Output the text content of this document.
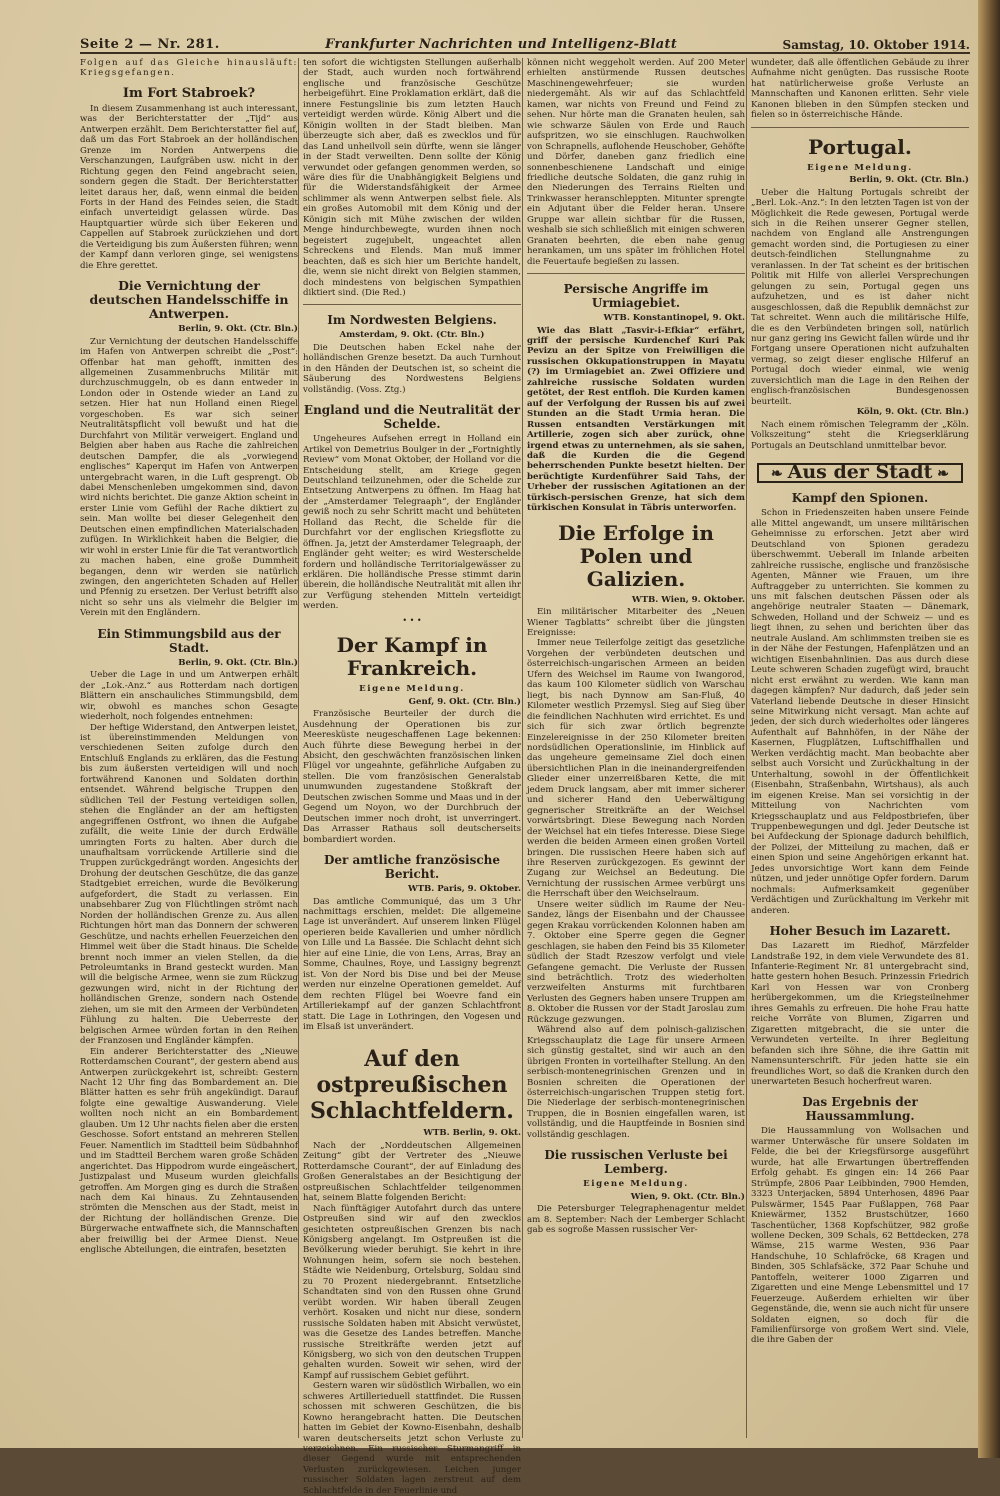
Seite 2 — Nr. 281.	Frankfurter Nachrichten und Intelligenz-Blatt	Samstag, 10. Oktober 1914.

Folgen auf das Gleiche hinausläuft: Kriegsgefangen.

Im Fort Stabroek?

In diesem Zusammenhang ist auch interessant, was der Berichterstatter der „Tijd“ aus Antwerpen erzählt. Dem Berichterstatter fiel auf, daß um das Fort Stabroek an der holländischen Grenze im Norden Antwerpens die Verschanzungen, Laufgräben usw. nicht in der Richtung gegen den Feind angebracht seien, sondern gegen die Stadt. Der Berichterstatter leitet daraus her, daß, wenn einmal die beiden Forts in der Hand des Feindes seien, die Stadt einfach unverteidigt gelassen würde. Das Hauptquartier würde sich über Eekeren und Cappellen auf Stabroek zurückziehen und dort die Verteidigung bis zum Äußersten führen; wenn der Kampf dann verloren ginge, sei wenigstens die Ehre gerettet.

Die Vernichtung der deutschen Handelsschiffe in Antwerpen.
Berlin, 9. Okt. (Ctr. Bln.)

Zur Vernichtung der deutschen Handelsschiffe im Hafen von Antwerpen schreibt die „Post“: Offenbar hat man gehofft, inmitten des allgemeinen Zusammenbruchs Militär mit durchzuschmuggeln, ob es dann entweder in London oder in Ostende wieder an Land zu setzen. Hier hat nun Holland einen Riegel vorgeschoben. Es war sich seiner Neutralitätspflicht voll bewußt und hat die Durchfahrt von Militär verweigert. England und Belgien aber haben aus Rache die zahlreichen deutschen Dampfer, die als „vorwiegend englisches“ Kaperqut im Hafen von Antwerpen untergebracht waren, in die Luft gesprengt. Ob dabei Menschenleben umgekommen sind, davon wird nichts berichtet. Die ganze Aktion scheint in erster Linie vom Gefühl der Rache diktiert zu sein. Man wollte bei dieser Gelegenheit den Deutschen einen empfindlichen Materialschaden zufügen. In Wirklichkeit haben die Belgier, die wir wohl in erster Linie für die Tat verantwortlich zu machen haben, eine große Dummheit begangen, denn wir werden sie natürlich zwingen, den angerichteten Schaden auf Heller und Pfennig zu ersetzen. Der Verlust betrifft also nicht so sehr uns als vielmehr die Belgier im Verein mit den Engländern.

Ein Stimmungsbild aus der Stadt.
Berlin, 9. Okt. (Ctr. Bln.)

Ueber die Lage in und um Antwerpen erhält der „Lok.-Anz.“ aus Rotterdam nach dortigen Blättern ein anschauliches Stimmungsbild, dem wir, obwohl es manches schon Gesagte wiederholt, noch folgendes entnehmen:

Der heftige Widerstand, den Antwerpen leistet, ist übereinstimmenden Meldungen von verschiedenen Seiten zufolge durch den Entschluß Englands zu erklären, das die Festung bis zum äußersten verteidigen will und noch fortwährend Kanonen und Soldaten dorthin entsendet. Während belgische Truppen den südlichen Teil der Festung verteidigen sollen, stehen die Engländer an der am heftigsten angegriffenen Ostfront, wo ihnen die Aufgabe zufällt, die weite Linie der durch Erdwälle umringten Forts zu halten. Aber durch die unaufhaltsam vorrückende Artillerie sind die Truppen zurückgedrängt worden. Angesichts der Drohung der deutschen Geschütze, die das ganze Stadtgebiet erreichen, wurde die Bevölkerung aufgefordert, die Stadt zu verlassen. Ein unabsehbarer Zug von Flüchtlingen strömt nach Norden der holländischen Grenze zu. Aus allen Richtungen hört man das Donnern der schweren Geschütze, und nachts erhellen Feuerzeichen den Himmel weit über die Stadt hinaus. Die Schelde brennt noch immer an vielen Stellen, da die Petroleumtanks in Brand gesteckt wurden. Man will die belgische Armee, wenn sie zum Rückzug gezwungen wird, nicht in der Richtung der holländischen Grenze, sondern nach Ostende ziehen, um sie mit den Armeen der Verbündeten Fühlung zu halten. Die Ueberreste der belgischen Armee würden fortan in den Reihen der Franzosen und Engländer kämpfen.

Ein anderer Berichterstatter des „Nieuwe Rotterdamschen Courant“, der gestern abend aus Antwerpen zurückgekehrt ist, schreibt: Gestern Nacht 12 Uhr fing das Bombardement an. Die Blätter hatten es sehr früh angekündigt. Darauf folgte eine gewaltige Auswanderung. Viele wollten noch nicht an ein Bombardement glauben. Um 12 Uhr nachts fielen aber die ersten Geschosse. Sofort entstand an mehreren Stellen Feuer. Namentlich im Stadtteil beim Südbahnhof und im Stadtteil Berchem waren große Schäden angerichtet. Das Hippodrom wurde eingeäschert, Justizpalast und Museum wurden gleichfalls getroffen. Am Morgen ging es durch die Straßen nach dem Kai hinaus. Zu Zehntausenden strömten die Menschen aus der Stadt, meist in der Richtung der holländischen Grenze. Die Bürgerwache entwaffnete sich, die Mannschaften aber freiwillig bei der Armee Dienst. Neue englische Abteilungen, die eintrafen, besetzten

ten sofort die wichtigsten Stellungen außerhalb der Stadt, auch wurden noch fortwährend englische und französische Geschütze herbeigeführt. Eine Proklamation erklärt, daß die innere Festungslinie bis zum letzten Hauch verteidigt werden würde. König Albert und die Königin wollten in der Stadt bleiben. Man überzeugte sich aber, daß es zwecklos und für das Land unheilvoll sein dürfte, wenn sie länger in der Stadt verweilten. Denn sollte der König verwundet oder gefangen genommen werden, so wäre dies für die Unabhängigkeit Belgiens und für die Widerstandsfähigkeit der Armee schlimmer als wenn Antwerpen selbst fiele. Als ein großes Automobil mit dem König und der Königin sich mit Mühe zwischen der wilden Menge hindurchbewegte, wurden ihnen noch begeistert zugejubelt, ungeachtet allen Schreckens und Elends. Man muß immer beachten, daß es sich hier um Berichte handelt, die, wenn sie nicht direkt von Belgien stammen, doch mindestens von belgischen Sympathien diktiert sind. (Die Red.)

Im Nordwesten Belgiens.
Amsterdam, 9. Okt. (Ctr. Bln.)

Die Deutschen haben Eckel nahe der holländischen Grenze besetzt. Da auch Turnhout in den Händen der Deutschen ist, so scheint die Säuberung des Nordwestens Belgiens vollständig. (Voss. Ztg.)

England und die Neutralität der Schelde.

Ungeheures Aufsehen erregt in Holland ein Artikel von Demetrius Boulger in der „Fortnightly Review“ vom Monat Oktober, der Holland vor die Entscheidung stellt, am Kriege gegen Deutschland teilzunehmen, oder die Schelde zur Entsetzung Antwerpens zu öffnen. Im Haag hat der „Amsterdamer Telegraaph“, der Engländer gewiß noch zu sehr Schritt macht und behüteten Holland das Recht, die Schelde für die Durchfahrt vor der englischen Kriegsflotte zu öffnen. Ja, jetzt der Amsterdamer Telegraaph, der Engländer geht weiter; es wird Westerschelde fordern und holländische Territorialgewässer zu erklären. Die holländische Presse stimmt darin überein, die holländische Neutralität mit allen ihr zur Verfügung stehenden Mitteln verteidigt werden.

• • •
Der Kampf in Frankreich.
Eigene Meldung.
Genf, 9. Okt. (Ctr. Bln.)

Französische Beurteiler der durch die Ausdehnung der Operationen bis zur Meeresküste neugeschaffenen Lage bekennen: Auch führte diese Bewegung herbei in der Absicht, den geschwächten französischen linken Flügel vor ungeahnte, gefährliche Aufgaben zu stellen. Die vom französischen Generalstab unumwunden zugestandene Stoßkraft der Deutschen zwischen Somme und Maas und in der Gegend um Noyon, wo der Durchbruch der Deutschen immer noch droht, ist unverringert. Das Arrasser Rathaus soll deutscherseits bombardiert worden.

Der amtliche französische Bericht.
WTB. Paris, 9. Oktober.

Das amtliche Communiqué, das um 3 Uhr nachmittags erschien, meldet: Die allgemeine Lage ist unverändert. Auf unserem linken Flügel operieren beide Kavallerien und umher nördlich von Lille und La Bassée. Die Schlacht dehnt sich hier auf eine Linie, die von Lens, Arras, Bray an Somme, Chaulnes, Roye, und Lassigny begrenzt ist. Von der Nord bis Dise und bei der Meuse werden nur einzelne Operationen gemeldet. Auf dem rechten Flügel bei Woevre fand ein Artilleriekampf auf der ganzen Schlachtfront statt. Die Lage in Lothringen, den Vogesen und im Elsaß ist unverändert.

Auf den ostpreußischen Schlachtfeldern.
WTB. Berlin, 9. Okt.

Nach der „Norddeutschen Allgemeinen Zeitung“ gibt der Vertreter des „Nieuwe Rotterdamsche Courant“, der auf Einladung des Großen Generalstabes an der Besichtigung der ostpreußischen Schlachtfelder teilgenommen hat, seinem Blatte folgenden Bericht:

Nach fünftägiger Autofahrt durch das untere Ostpreußen sind wir auf den zwecklos gesichteten ostpreußischen Grenzen bis nach Königsberg angelangt. Im Ostpreußen ist die Bevölkerung wieder beruhigt. Sie kehrt in ihre Wohnungen heim, sofern sie noch bestehen. Städte wie Neidenburg, Ortelsburg, Soldau sind zu 70 Prozent niedergebrannt. Entsetzliche Schandtaten sind von den Russen ohne Grund verübt worden. Wir haben überall Zeugen verhört. Kosaken und nicht nur diese, sondern russische Soldaten haben mit Absicht verwüstet, was die Gesetze des Landes betreffen. Manche russische Streitkräfte werden jetzt auf Königsberg, wo sich von den deutschen Truppen gehalten wurden. Soweit wir sehen, wird der Kampf auf russischem Gebiet geführt.

Gestern waren wir südöstlich Wirballen, wo ein schweres Artillerieduell stattfindet. Die Russen schossen mit schweren Geschützen, die bis Kowno herangebracht hatten. Die Deutschen hatten im Gebiet der Kowno-Eisenbahn, deshalb waren deutscherseits jetzt schon Verluste zu verzeichnen. Ein russischer Sturmangriff in dieser Gegend wurde mit entsprechenden Verlusten zurückgewiesen. Leichen junger russischer Soldaten lagen zerstreut auf dem Schlachtfelde in der Feuerlinie und

können nicht weggeholt werden. Auf 200 Meter erhielten anstürmende Russen deutsches Maschinengewehrfeuer; sie wurden niedergemäht. Als wir auf das Schlachtfeld kamen, war nichts von Freund und Feind zu sehen. Nur hörte man die Granaten heulen, sah wie schwarze Säulen von Erde und Rauch aufspritzen, wo sie einschlugen. Rauchwolken von Schrapnells, auflohende Heuschober, Gehöfte und Dörfer, daneben ganz friedlich eine sonnenbeschienene Landschaft und einige friedliche deutsche Soldaten, die ganz ruhig in den Niederungen des Terrains Rielten und Trinkwasser heranschleppten. Mitunter sprengte ein Adjutant über die Felder heran. Unsere Gruppe war allein sichtbar für die Russen, weshalb sie sich schließlich mit einigen schweren Granaten beehrten, die eben nahe genug herankamen, um uns später im fröhlichen Hotel die Feuertaufe begießen zu lassen.

Persische Angriffe im Urmiagebiet.
WTB. Konstantinopel, 9. Okt.

Wie das Blatt „Tasvir-i-Efkiar“ erfährt, griff der persische Kurdenchef Kuri Pak Pevizu an der Spitze von Freiwilligen die russischen Okkupationstruppen in Mayatu (?) im Urmiagebiet an. Zwei Offiziere und zahlreiche russische Soldaten wurden getötet, der Rest entfloh. Die Kurden kamen auf der Verfolgung der Russen bis auf zwei Stunden an die Stadt Urmia heran. Die Russen entsandten Verstärkungen mit Artillerie, zogen sich aber zurück, ohne irgend etwas zu unternehmen, als sie sahen, daß die Kurden die die Gegend beherrschenden Punkte besetzt hielten. Der berüchtigte Kurdenführer Said Tahs, der Urheber der russischen Agitationen an der türkisch-persischen Grenze, hat sich dem türkischen Konsulat in Täbris unterworfen.

Die Erfolge in Polen und Galizien.
WTB. Wien, 9. Oktober.

Ein militärischer Mitarbeiter des „Neuen Wiener Tagblatts“ schreibt über die jüngsten Ereignisse:

Immer neue Teilerfolge zeitigt das gesetzliche Vorgehen der verbündeten deutschen und österreichisch-ungarischen Armeen an beiden Ufern des Weichsel im Raume von Iwangorod, das kaum 100 Kilometer südlich von Warschau liegt, bis nach Dynnow am San-Fluß, 40 Kilometer westlich Przemysl. Sieg auf Sieg über die feindlichen Nachhuten wird errichtet. Es und sich für sich zwar örtlich begrenzte Einzelereignisse in der 250 Kilometer breiten nordsüdlichen Operationslinie, im Hinblick auf das ungeheure gemeinsame Ziel doch einen übersichtlichen Plan in die ineinandergreifenden Glieder einer unzerreißbaren Kette, die mit jedem Druck langsam, aber mit immer sicherer und sicherer Hand den Ueberwältigung gegnerischer Streitkräfte an der Weichsel vorwärtsbringt. Diese Bewegung nach Norden der Weichsel hat ein tiefes Interesse. Diese Siege werden die beiden Armeen einen großen Vorteil bringen. Die russischen Heere haben sich auf ihre Reserven zurückgezogen. Es gewinnt der Zugang zur Weichsel an Bedeutung. Die Vernichtung der russischen Armee verbürgt uns die Herrschaft über den Weichselraum.

Unsere weiter südlich im Raume der Neu-Sandez, längs der Eisenbahn und der Chaussee gegen Krakau vorrückenden Kolonnen haben am 7. Oktober eine Sperre gegen die Gegner geschlagen, sie haben den Feind bis 35 Kilometer südlich der Stadt Rzeszow verfolgt und viele Gefangene gemacht. Die Verluste der Russen sind beträchtlich. Trotz des wiederholten verzweifelten Ansturms mit furchtbaren Verlusten des Gegners haben unsere Truppen am 8. Oktober die Russen vor der Stadt Jaroslau zum Rückzuge gezwungen.

Während also auf dem polnisch-galizischen Kriegsschauplatz die Lage für unsere Armeen sich günstig gestaltet, sind wir auch an den übrigen Fronten in vorteilhafter Stellung. An den serbisch-montenegrinischen Grenzen und in Bosnien schreiten die Operationen der österreichisch-ungarischen Truppen stetig fort. Die Niederlage der serbisch-montenegrinischen Truppen, die in Bosnien eingefallen waren, ist vollständig, und die Hauptfeinde in Bosnien sind vollständig geschlagen.

Die russischen Verluste bei Lemberg.
Eigene Meldung.
Wien, 9. Okt. (Ctr. Bln.)

Die Petersburger Telegraphenagentur meldet am 8. September: Nach der Lemberger Schlacht gab es sogroße Massen russischer Ver-

wundeter, daß alle öffentlichen Gebäude zu ihrer Aufnahme nicht genügten. Das russische Roote hat natürlicherweise große Verluste an Mannschaften und Kanonen erlitten. Sehr viele Kanonen blieben in den Sümpfen stecken und fielen so in österreichische Hände.

Portugal.
Eigene Meldung.
Berlin, 9. Okt. (Ctr. Bln.)

Ueber die Haltung Portugals schreibt der „Berl. Lok.-Anz.“: In den letzten Tagen ist von der Möglichkeit die Rede gewesen, Portugal werde sich in die Reihen unserer Gegner stellen, nachdem von England alle Anstrengungen gemacht worden sind, die Portugiesen zu einer deutsch-feindlichen Stellungnahme zu veranlassen. In der Tat scheint es der britischen Politik mit Hilfe von allerlei Versprechungen gelungen zu sein, Portugal gegen uns aufzuhetzen, und es ist daher nicht ausgeschlossen, daß die Republik demnächst zur Tat schreitet. Wenn auch die militärische Hilfe, die es den Verbündeten bringen soll, natürlich nur ganz gering ins Gewicht fallen würde und ihr Fortgang unsere Operationen nicht aufzuhalten vermag, so zeigt dieser englische Hilferuf an Portugal doch wieder einmal, wie wenig zuversichtlich man die Lage in den Reihen der englisch-französischen Bundesgenossen beurteilt.

Köln, 9. Okt. (Ctr. Bln.)

Nach einem römischen Telegramm der „Köln. Volkszeitung“ steht die Kriegserklärung Portugals an Deutschland unmittelbar bevor.

❧ Aus der Stadt ❧
Kampf den Spionen.

Schon in Friedenszeiten haben unsere Feinde alle Mittel angewandt, um unsere militärischen Geheimnisse zu erforschen. Jetzt aber wird Deutschland von Spionen geradezu überschwemmt. Ueberall im Inlande arbeiten zahlreiche russische, englische und französische Agenten, Männer wie Frauen, um ihre Auftraggeber zu unterrichten. Sie kommen zu uns mit falschen deutschen Pässen oder als angehörige neutraler Staaten — Dänemark, Schweden, Holland und der Schweiz — und es liegt ihnen, zu sehen und berichten über das neutrale Ausland. Am schlimmsten treiben sie es in der Nähe der Festungen, Hafenplätzen und an wichtigen Eisenbahnlinien. Das aus durch diese Leute schweren Schaden zugefügt wird, braucht nicht erst erwähnt zu werden. Wie kann man dagegen kämpfen? Nur dadurch, daß jeder sein Vaterland liebende Deutsche in dieser Hinsicht seine Mitwirkung nicht versagt. Man achte auf jeden, der sich durch wiederholtes oder längeres Aufenthalt auf Bahnhöfen, in der Nähe der Kasernen, Flugplätzen, Luftschiffhallen und Werken verdächtig macht. Man beobachte aber selbst auch Vorsicht und Zurückhaltung in der Unterhaltung, sowohl in der Öffentlichkeit (Eisenbahn, Straßenbahn, Wirtshaus), als auch im eigenen Kreise. Man sei vorsichtig in der Mitteilung von Nachrichten vom Kriegsschauplatz und aus Feldpostbriefen, über Truppenbewegungen und dgl. Jeder Deutsche ist bei Aufdeckung der Spionage dadurch behilflich, der Polizei, der Mitteilung zu machen, daß er einen Spion und seine Angehörigen erkannt hat. Jedes unvorsichtige Wort kann dem Feinde nützen, und jeder unnötige Opfer fordern. Darum nochmals: Aufmerksamkeit gegenüber Verdächtigen und Zurückhaltung im Verkehr mit anderen.

Hoher Besuch im Lazarett.

Das Lazarett im Riedhof, Märzfelder Landstraße 192, in dem viele Verwundete des 81. Infanterie-Regiment Nr. 81 untergebracht sind, hatte gestern hohen Besuch. Prinzessin Friedrich Karl von Hessen war von Cronberg herübergekommen, um die Kriegsteilnehmer ihres Gemahls zu erfreuen. Die hohe Frau hatte reiche Vorräte von Blumen, Zigarren und Zigaretten mitgebracht, die sie unter die Verwundeten verteilte. In ihrer Begleitung befanden sich ihre Söhne, die ihre Gattin mit Namensunterschrift. Für jeden hatte sie ein freundliches Wort, so daß die Kranken durch den unerwarteten Besuch hocherfreut waren.

Das Ergebnis der Haussammlung.

Die Haussammlung von Wollsachen und warmer Unterwäsche für unsere Soldaten im Felde, die bei der Kriegsfürsorge ausgeführt wurde, hat alle Erwartungen übertreffenden Erfolg gehabt. Es gingen ein: 14 266 Paar Strümpfe, 2806 Paar Leibbinden, 7900 Hemden, 3323 Unterjacken, 5894 Unterhosen, 4896 Paar Pulswärmer, 1545 Paar Fußlappen, 768 Paar Kniewärmer, 1352 Brustschützer, 1660 Taschentücher, 1368 Kopfschützer, 982 große wollene Decken, 309 Schals, 62 Bettdecken, 278 Wämse, 215 warme Westen, 936 Paar Handschuhe, 10 Schlafröcke, 68 Kragen und Binden, 305 Schlafsäcke, 372 Paar Schuhe und Pantoffeln, weiterer 1000 Zigarren und Zigaretten und eine Menge Lebensmittel und 17 Feuerzeuge. Außerdem erhielten wir über Gegenstände, die, wenn sie auch nicht für unsere Soldaten eignen, so doch für die Familienfürsorge von großem Wert sind. Viele, die ihre Gaben der
